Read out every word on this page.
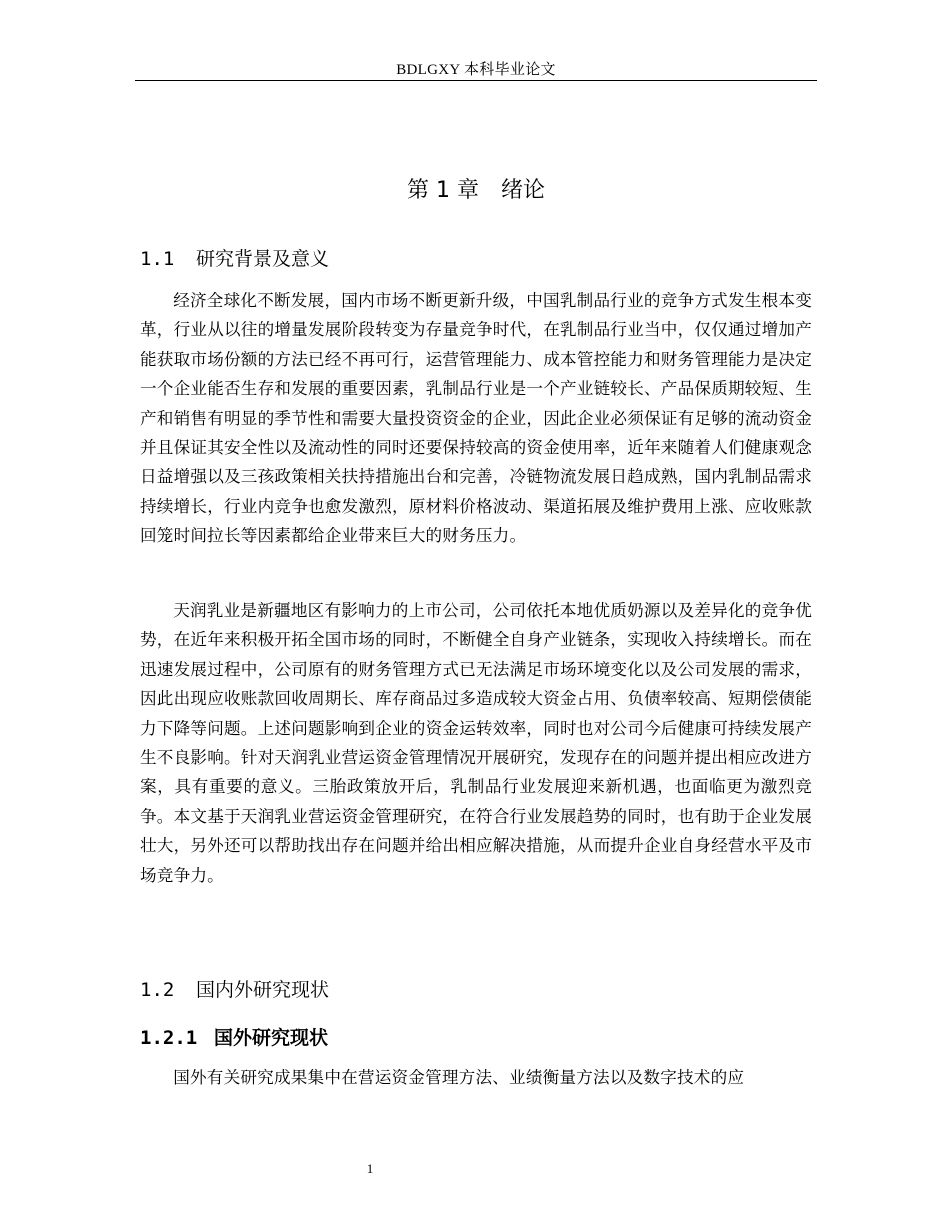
BDLGXY 本科毕业论文
第 1 章 绪论
1.1 研究背景及意义

经济全球化不断发展，国内市场不断更新升级，中国乳制品行业的竞争方式发生根本变革，行业从以往的增量发展阶段转变为存量竞争时代，在乳制品行业当中，仅仅通过增加产能获取市场份额的方法已经不再可行，运营管理能力、成本管控能力和财务管理能力是决定一个企业能否生存和发展的重要因素，乳制品行业是一个产业链较长、产品保质期较短、生产和销售有明显的季节性和需要大量投资资金的企业，因此企业必须保证有足够的流动资金并且保证其安全性以及流动性的同时还要保持较高的资金使用率，近年来随着人们健康观念日益增强以及三孩政策相关扶持措施出台和完善，冷链物流发展日趋成熟，国内乳制品需求持续增长，行业内竞争也愈发激烈，原材料价格波动、渠道拓展及维护费用上涨、应收账款回笼时间拉长等因素都给企业带来巨大的财务压力。

天润乳业是新疆地区有影响力的上市公司，公司依托本地优质奶源以及差异化的竞争优势，在近年来积极开拓全国市场的同时，不断健全自身产业链条，实现收入持续增长。而在迅速发展过程中，公司原有的财务管理方式已无法满足市场环境变化以及公司发展的需求，因此出现应收账款回收周期长、库存商品过多造成较大资金占用、负债率较高、短期偿债能力下降等问题。上述问题影响到企业的资金运转效率，同时也对公司今后健康可持续发展产生不良影响。针对天润乳业营运资金管理情况开展研究，发现存在的问题并提出相应改进方案，具有重要的意义。三胎政策放开后，乳制品行业发展迎来新机遇，也面临更为激烈竞争。本文基于天润乳业营运资金管理研究，在符合行业发展趋势的同时，也有助于企业发展壮大，另外还可以帮助找出存在问题并给出相应解决措施，从而提升企业自身经营水平及市场竞争力。

1.2 国内外研究现状
1.2.1 国外研究现状

国外有关研究成果集中在营运资金管理方法、业绩衡量方法以及数字技术的应

1
